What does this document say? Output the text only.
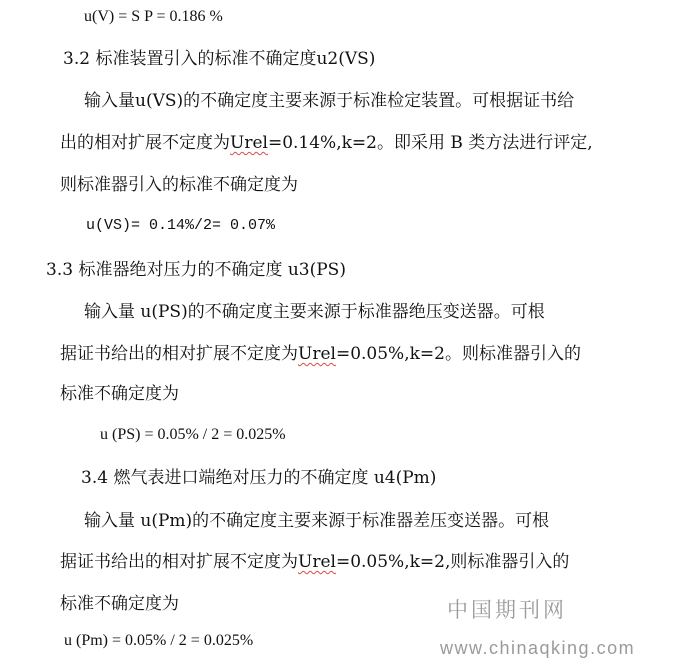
u(V) = S P = 0.186 %
3.2 标准装置引入的标准不确定度u2(VS)
输入量u(VS)的不确定度主要来源于标准检定装置。可根据证书给
出的相对扩展不定度为Urel=0.14%,k=2。即采用 B 类方法进行评定,
则标准器引入的标准不确定度为
u(VS)= 0.14%/2= 0.07%
3.3 标准器绝对压力的不确定度 u3(PS)
输入量 u(PS)的不确定度主要来源于标准器绝压变送器。可根
据证书给出的相对扩展不定度为Urel=0.05%,k=2。则标准器引入的
标准不确定度为
u (PS) = 0.05% / 2 = 0.025%
3.4 燃气表进口端绝对压力的不确定度 u4(Pm)
输入量 u(Pm)的不确定度主要来源于标准器差压变送器。可根
据证书给出的相对扩展不定度为Urel=0.05%,k=2,则标准器引入的
标准不确定度为
u (Pm) = 0.05% / 2 = 0.025%
中国期刊网
www.chinaqking.com
